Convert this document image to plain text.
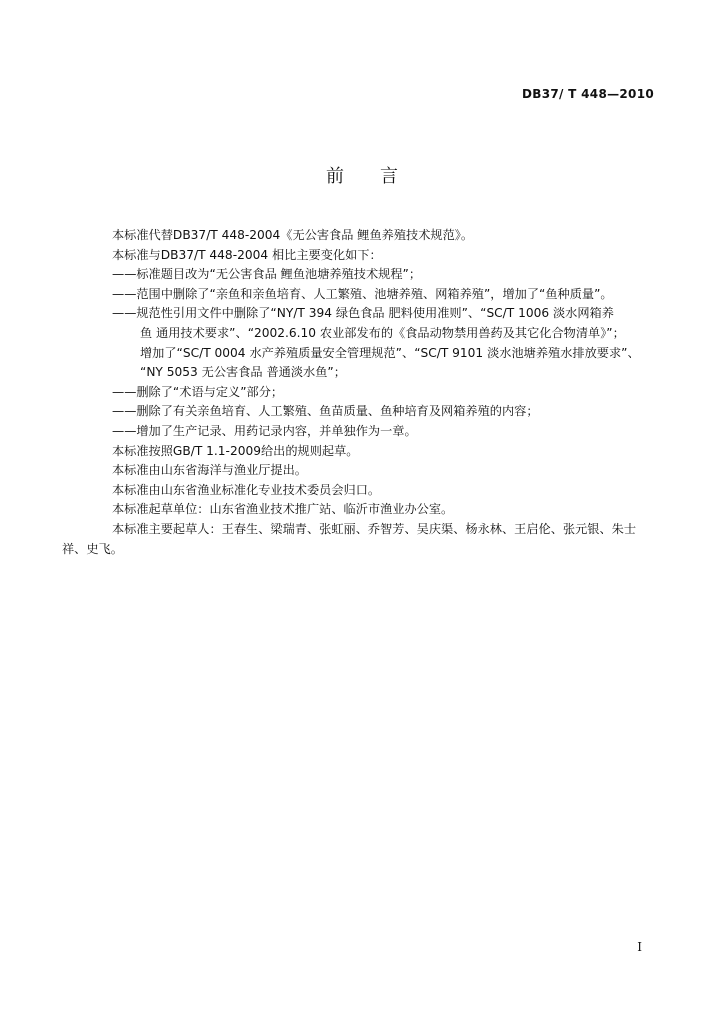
DB37/ T 448—2010
前 言
本标准代替DB37/T 448-2004《无公害食品 鲤鱼养殖技术规范》。
本标准与DB37/T 448-2004 相比主要变化如下：
——标准题目改为“无公害食品 鲤鱼池塘养殖技术规程”；
——范围中删除了“亲鱼和亲鱼培育、人工繁殖、池塘养殖、网箱养殖”，增加了“鱼种质量”。
——规范性引用文件中删除了“NY/T 394 绿色食品 肥料使用准则”、“SC/T 1006 淡水网箱养
鱼 通用技术要求”、“2002.6.10 农业部发布的《食品动物禁用兽药及其它化合物清单》”；
增加了“SC/T 0004 水产养殖质量安全管理规范”、“SC/T 9101 淡水池塘养殖水排放要求”、
“NY 5053 无公害食品 普通淡水鱼”；
——删除了“术语与定义”部分；
——删除了有关亲鱼培育、人工繁殖、鱼苗质量、鱼种培育及网箱养殖的内容；
——增加了生产记录、用药记录内容，并单独作为一章。
本标准按照GB/T 1.1-2009给出的规则起草。
本标准由山东省海洋与渔业厅提出。
本标准由山东省渔业标准化专业技术委员会归口。
本标准起草单位：山东省渔业技术推广站、临沂市渔业办公室。
本标准主要起草人：王春生、梁瑞青、张虹丽、乔智芳、吴庆渠、杨永林、王启伦、张元银、朱士
祥、史飞。
I
